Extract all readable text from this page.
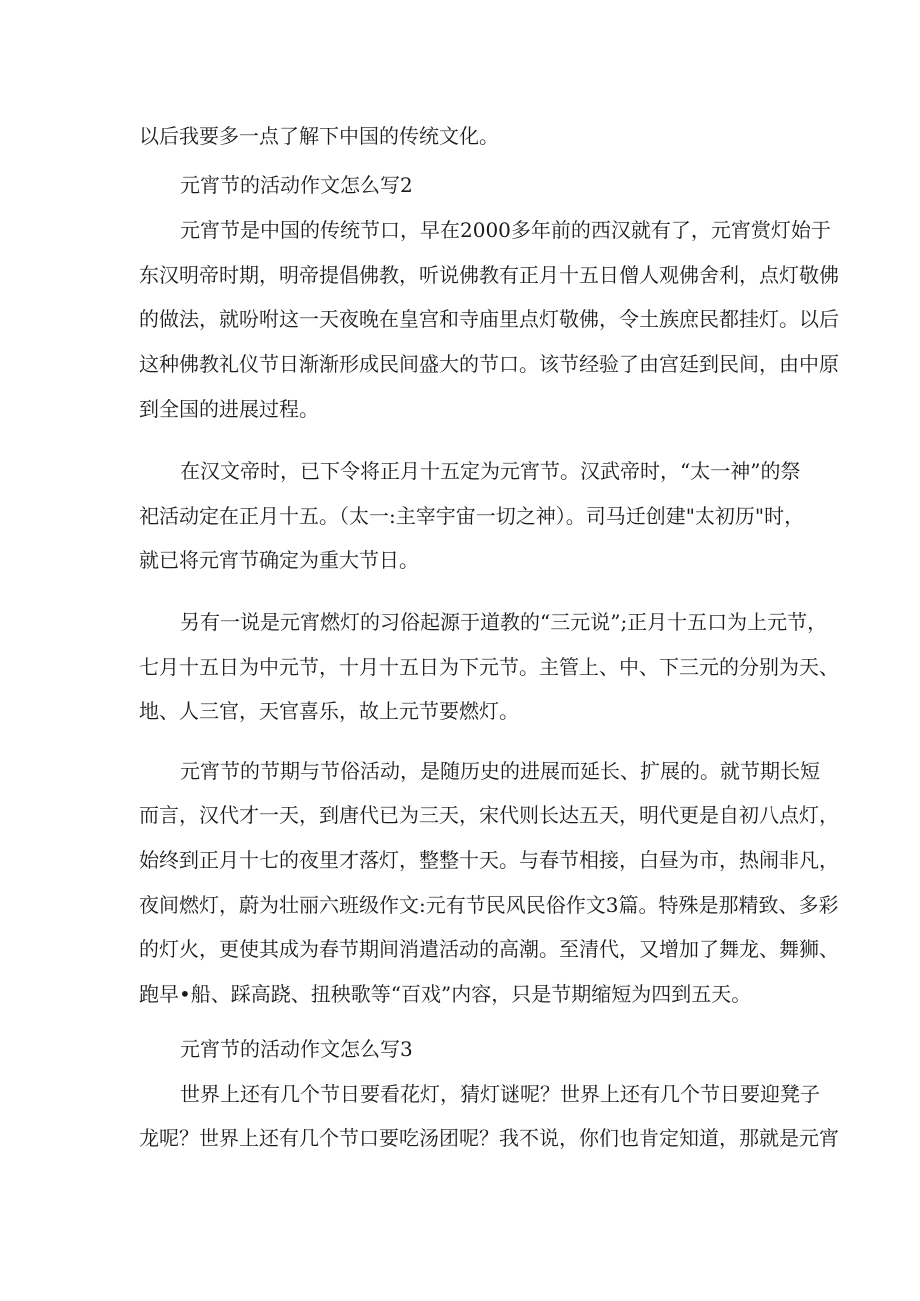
以后我要多一点了解下中国的传统文化。

元宵节的活动作文怎么写2

元宵节是中国的传统节口，早在2000多年前的西汉就有了，元宵赏灯始于

东汉明帝时期，明帝提倡佛教，听说佛教有正月十五日僧人观佛舍利，点灯敬佛

的做法，就吩咐这一天夜晚在皇宫和寺庙里点灯敬佛，令土族庶民都挂灯。以后

这种佛教礼仪节日渐渐形成民间盛大的节口。该节经验了由宫廷到民间，由中原

到全国的进展过程。

在汉文帝时，已下令将正月十五定为元宵节。汉武帝时，“太一神”的祭

祀活动定在正月十五。（太一:主宰宇宙一切之神）。司马迁创建"太初历"时，

就已将元宵节确定为重大节日。

另有一说是元宵燃灯的习俗起源于道教的“三元说”;正月十五口为上元节，

七月十五日为中元节，十月十五日为下元节。主管上、中、下三元的分别为天、

地、人三官，天官喜乐，故上元节要燃灯。

元宵节的节期与节俗活动，是随历史的进展而延长、扩展的。就节期长短

而言，汉代才一天，到唐代已为三天，宋代则长达五天，明代更是自初八点灯，

始终到正月十七的夜里才落灯，整整十天。与春节相接，白昼为市，热闹非凡，

夜间燃灯，蔚为壮丽六班级作文:元有节民风民俗作文3篇。特殊是那精致、多彩

的灯火，更使其成为春节期间消遣活动的高潮。至清代，又增加了舞龙、舞狮、

跑早•船、踩高跷、扭秧歌等“百戏”内容，只是节期缩短为四到五天。

元宵节的活动作文怎么写3

世界上还有几个节日要看花灯，猜灯谜呢？世界上还有几个节日要迎凳子

龙呢？世界上还有几个节口要吃汤团呢？我不说，你们也肯定知道，那就是元宵
